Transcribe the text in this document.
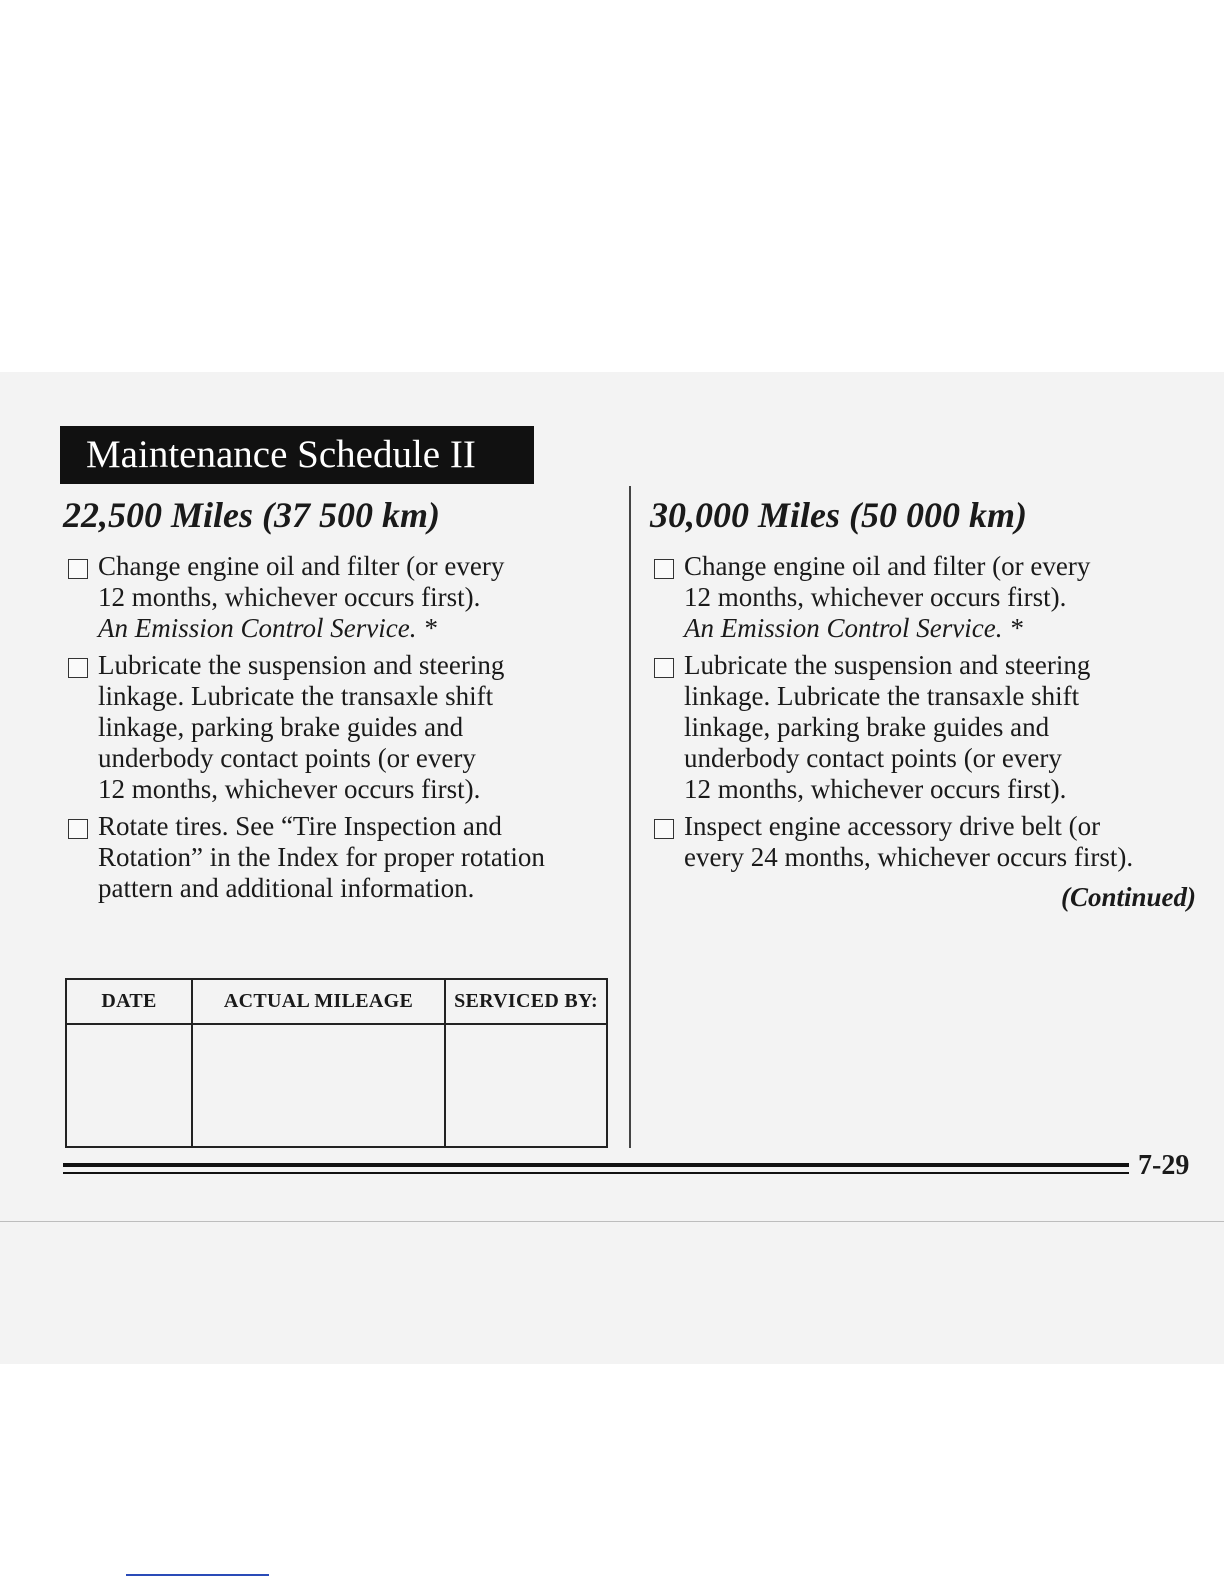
Maintenance Schedule II
22,500 Miles (37 500 km)
Change engine oil and filter (or every
12 months, whichever occurs first).
An Emission Control Service. *
Lubricate the suspension and steering
linkage. Lubricate the transaxle shift
linkage, parking brake guides and
underbody contact points (or every
12 months, whichever occurs first).
Rotate tires. See “Tire Inspection and
Rotation” in the Index for proper rotation
pattern and additional information.
DATE	ACTUAL MILEAGE	SERVICED BY:

30,000 Miles (50 000 km)
Change engine oil and filter (or every
12 months, whichever occurs first).
An Emission Control Service. *
Lubricate the suspension and steering
linkage. Lubricate the transaxle shift
linkage, parking brake guides and
underbody contact points (or every
12 months, whichever occurs first).
Inspect engine accessory drive belt (or
every 24 months, whichever occurs first).
(Continued)
7-29
